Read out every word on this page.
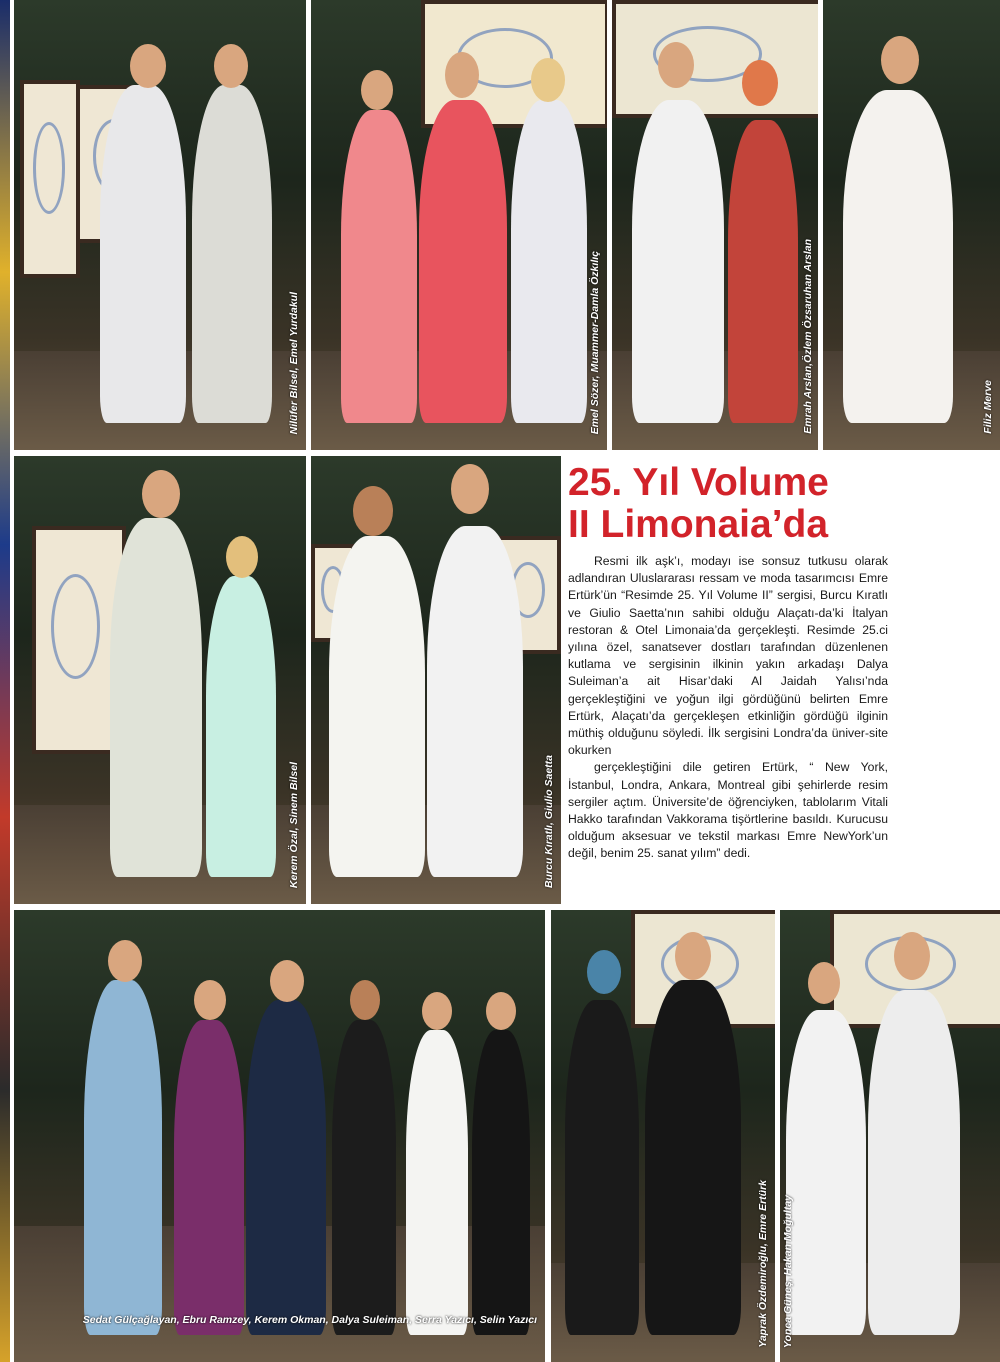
Nilüfer Bilsel, Emel Yurdakul	Emel Sözer, Muammer-Damla Özkılıç	Emrah Arslan,Özlem Özsaruhan Arslan	Filiz Merve
Kerem Özal, Sinem Bilsel	Burcu Kıratlı, Giulio Saetta
25. Yıl Volume
II Limonaia’da

Resmi ilk aşk’ı, modayı ise sonsuz tutkusu olarak adlandıran Uluslararası ressam ve moda tasarımcısı Emre Ertürk’ün “Resimde 25. Yıl Volume II” sergisi, Burcu Kıratlı ve Giulio Saetta’nın sahibi olduğu Alaçatı-da’ki İtalyan restoran & Otel Limonaia’da gerçekleşti. Resimde 25.ci yılına özel, sanatsever dostları tarafından düzenlenen kutlama ve sergisinin ilkinin yakın arkadaşı Dalya Suleiman’a ait Hisar’daki Al Jaidah Yalısı’nda gerçekleştiğini ve yoğun ilgi gördüğünü belirten Emre Ertürk, Alaçatı’da gerçekleşen etkinliğin gördüğü ilginin müthiş olduğunu söyledi. İlk sergisini Londra’da üniver-site okurken

gerçekleştiğini dile getiren Ertürk, “ New York, İstanbul, Londra, Ankara, Montreal gibi şehirlerde resim sergiler açtım. Üniversite’de öğrenciyken, tablolarım Vitali Hakko tarafından Vakkorama tişörtlerine basıldı. Kurucusu olduğum aksesuar ve tekstil markası Emre NewYork’un değil, benim 25. sanat yılım” dedi.

Sedat Gülçağlayan, Ebru Ramzey, Kerem Okman, Dalya Suleiman, Serra Yazıcı, Selin Yazıcı	Yaprak Özdemiroğlu, Emre Ertürk Yonca Güneş, Hakan Moğultay
